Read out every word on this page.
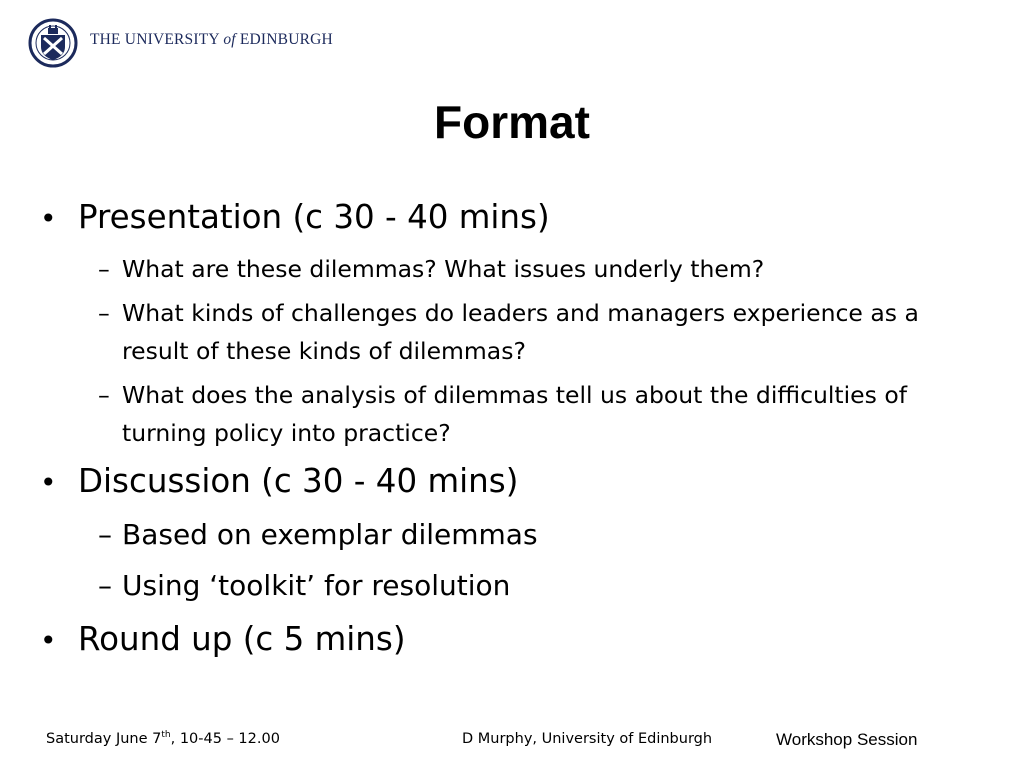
THE UNIVERSITY of EDINBURGH
Format
• Presentation (c 30 - 40 mins)
– What are these dilemmas? What issues underly them?
– What kinds of challenges do leaders and managers experience as a result of these kinds of dilemmas?
– What does the analysis of dilemmas tell us about the difficulties of turning policy into practice?
• Discussion (c 30 - 40 mins)
– Based on exemplar dilemmas
– Using ‘toolkit’ for resolution
• Round up (c 5 mins)
Saturday June 7th, 10-45 – 12.00	D Murphy, University of Edinburgh	Workshop Session
